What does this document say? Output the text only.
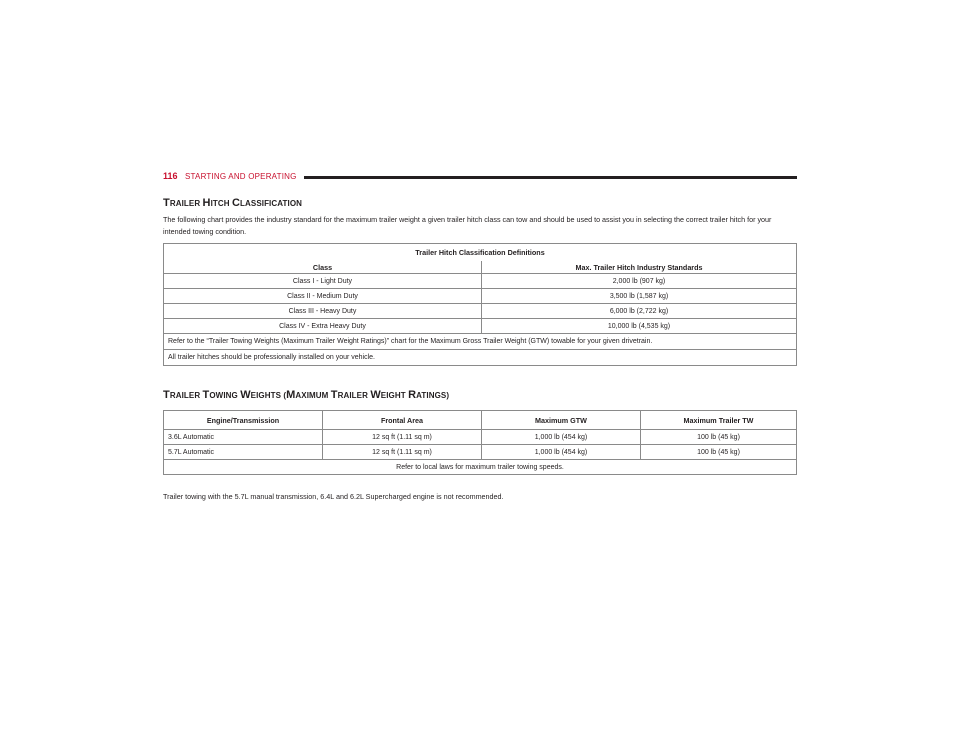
116 STARTING AND OPERATING
TRAILER HITCH CLASSIFICATION
The following chart provides the industry standard for the maximum trailer weight a given trailer hitch class can tow and should be used to assist you in selecting the correct trailer hitch for your intended towing condition.
Trailer Hitch Classification Definitions	
Class	Max. Trailer Hitch Industry Standards
Class I - Light Duty	2,000 lb (907 kg)
Class II - Medium Duty	3,500 lb (1,587 kg)
Class III - Heavy Duty	6,000 lb (2,722 kg)
Class IV - Extra Heavy Duty	10,000 lb (4,535 kg)
Refer to the “Trailer Towing Weights (Maximum Trailer Weight Ratings)” chart for the Maximum Gross Trailer Weight (GTW) towable for your given drivetrain.	
All trailer hitches should be professionally installed on your vehicle.	
TRAILER TOWING WEIGHTS (MAXIMUM TRAILER WEIGHT RATINGS)
Engine/Transmission	Frontal Area	Maximum GTW	Maximum Trailer TW
3.6L Automatic	12 sq ft (1.11 sq m)	1,000 lb (454 kg)	100 lb (45 kg)
5.7L Automatic	12 sq ft (1.11 sq m)	1,000 lb (454 kg)	100 lb (45 kg)
Refer to local laws for maximum trailer towing speeds.			
Trailer towing with the 5.7L manual transmission, 6.4L and 6.2L Supercharged engine is not recommended.
